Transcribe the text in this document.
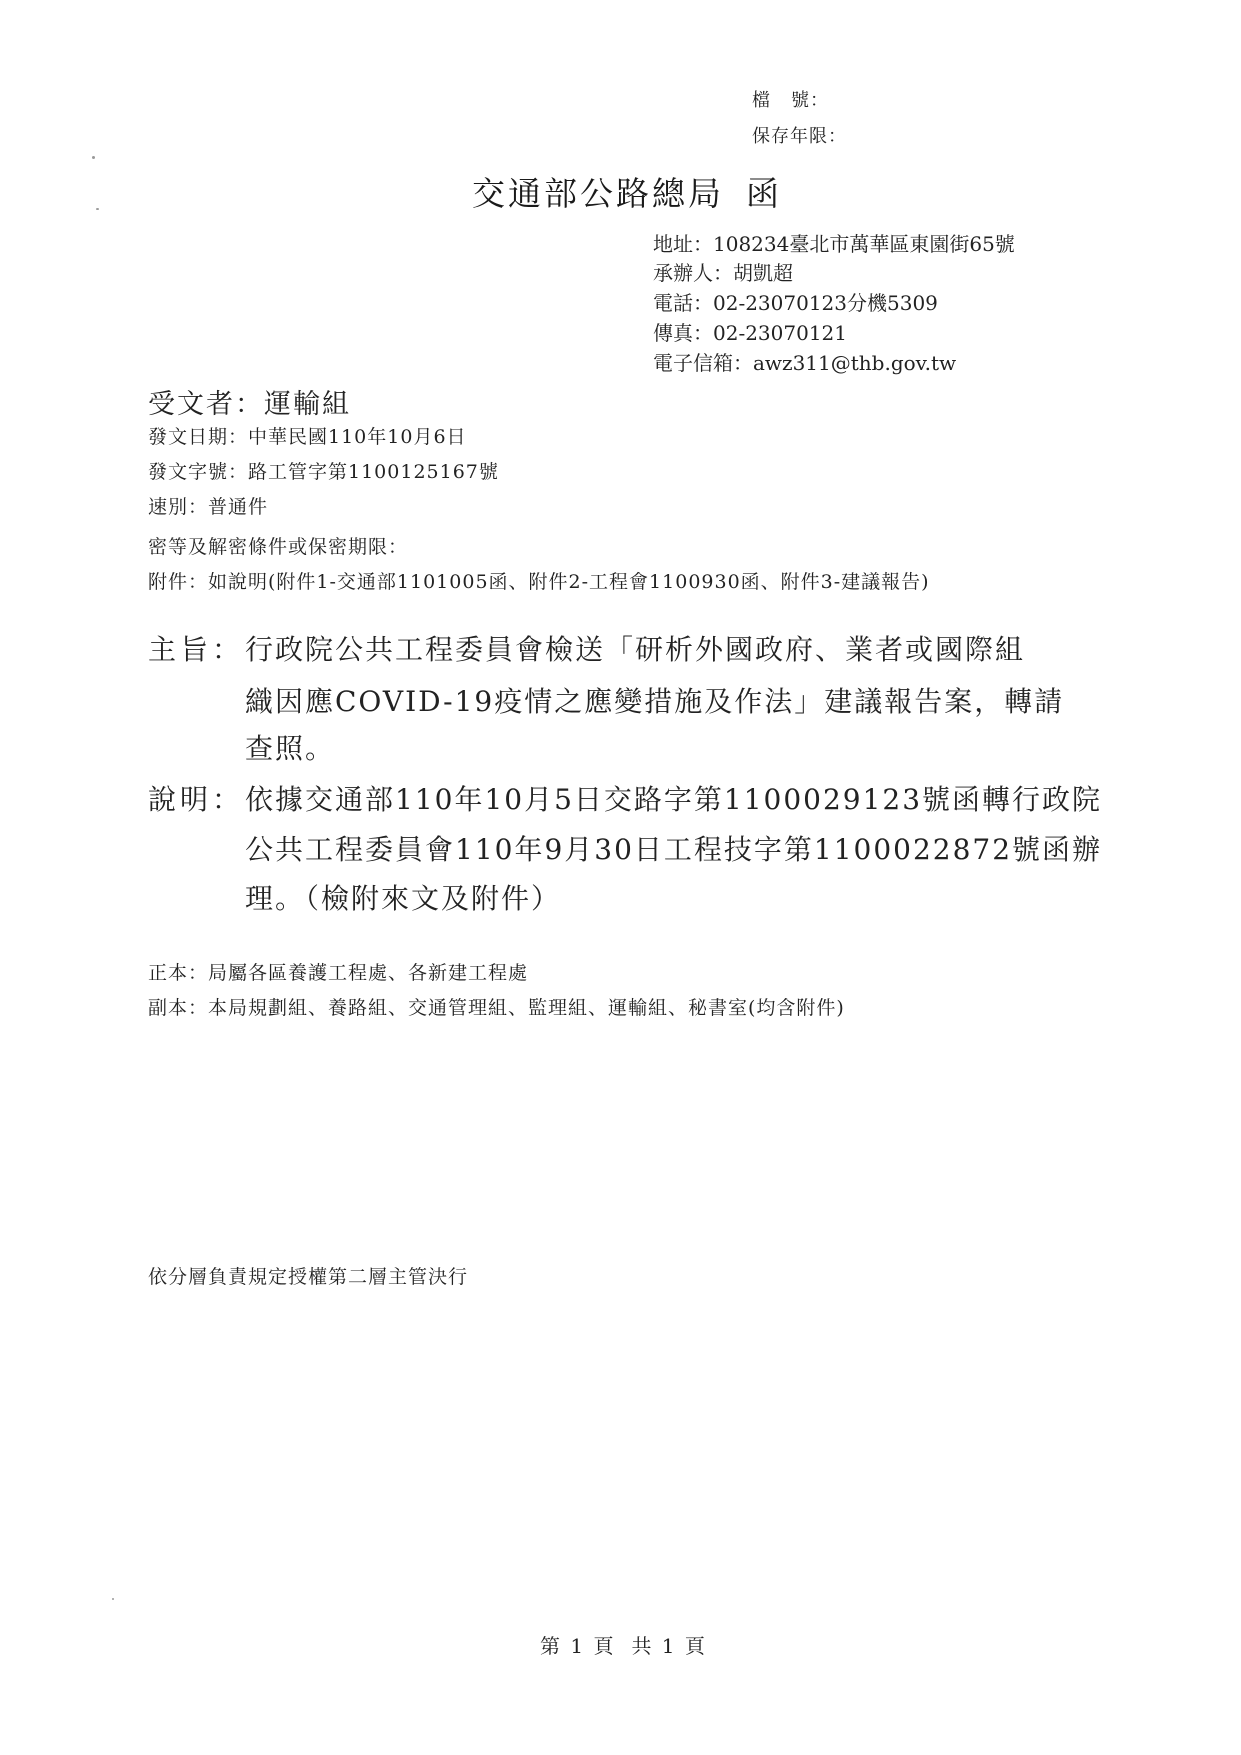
檔 號：
保存年限：
交通部公路總局 函
地址：108234臺北市萬華區東園街65號
承辦人：胡凱超
電話：02-23070123分機5309
傳真：02-23070121
電子信箱：awz311@thb.gov.tw
受文者：運輸組
發文日期：中華民國110年10月6日
發文字號：路工管字第1100125167號
速別：普通件
密等及解密條件或保密期限：
附件：如說明(附件1-交通部1101005函、附件2-工程會1100930函、附件3-建議報告)
主旨： 行政院公共工程委員會檢送「研析外國政府、業者或國際組
織因應COVID-19疫情之應變措施及作法」建議報告案，轉請
查照。
說明： 依據交通部110年10月5日交路字第1100029123號函轉行政院
公共工程委員會110年9月30日工程技字第1100022872號函辦
理。（檢附來文及附件）
正本：局屬各區養護工程處、各新建工程處
副本：本局規劃組、養路組、交通管理組、監理組、運輸組、秘書室(均含附件)
依分層負責規定授權第二層主管決行
第 1 頁 共 1 頁
